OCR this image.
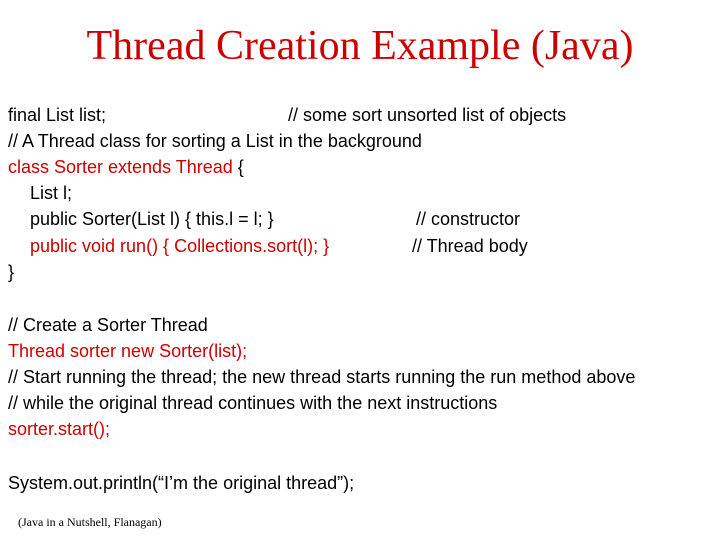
Thread Creation Example (Java)
final List list;	// some sort unsorted list of objects
// A Thread class for sorting a List in the background
class Sorter extends Thread {
List l;
public Sorter(List l) { this.l = l; }	// constructor
public void run() { Collections.sort(l); }	// Thread body
}
// Create a Sorter Thread
Thread sorter new Sorter(list);
// Start running the thread; the new thread starts running the run method above
// while the original thread continues with the next instructions
sorter.start();
System.out.println(“I’m the original thread”);
(Java in a Nutshell, Flanagan)
